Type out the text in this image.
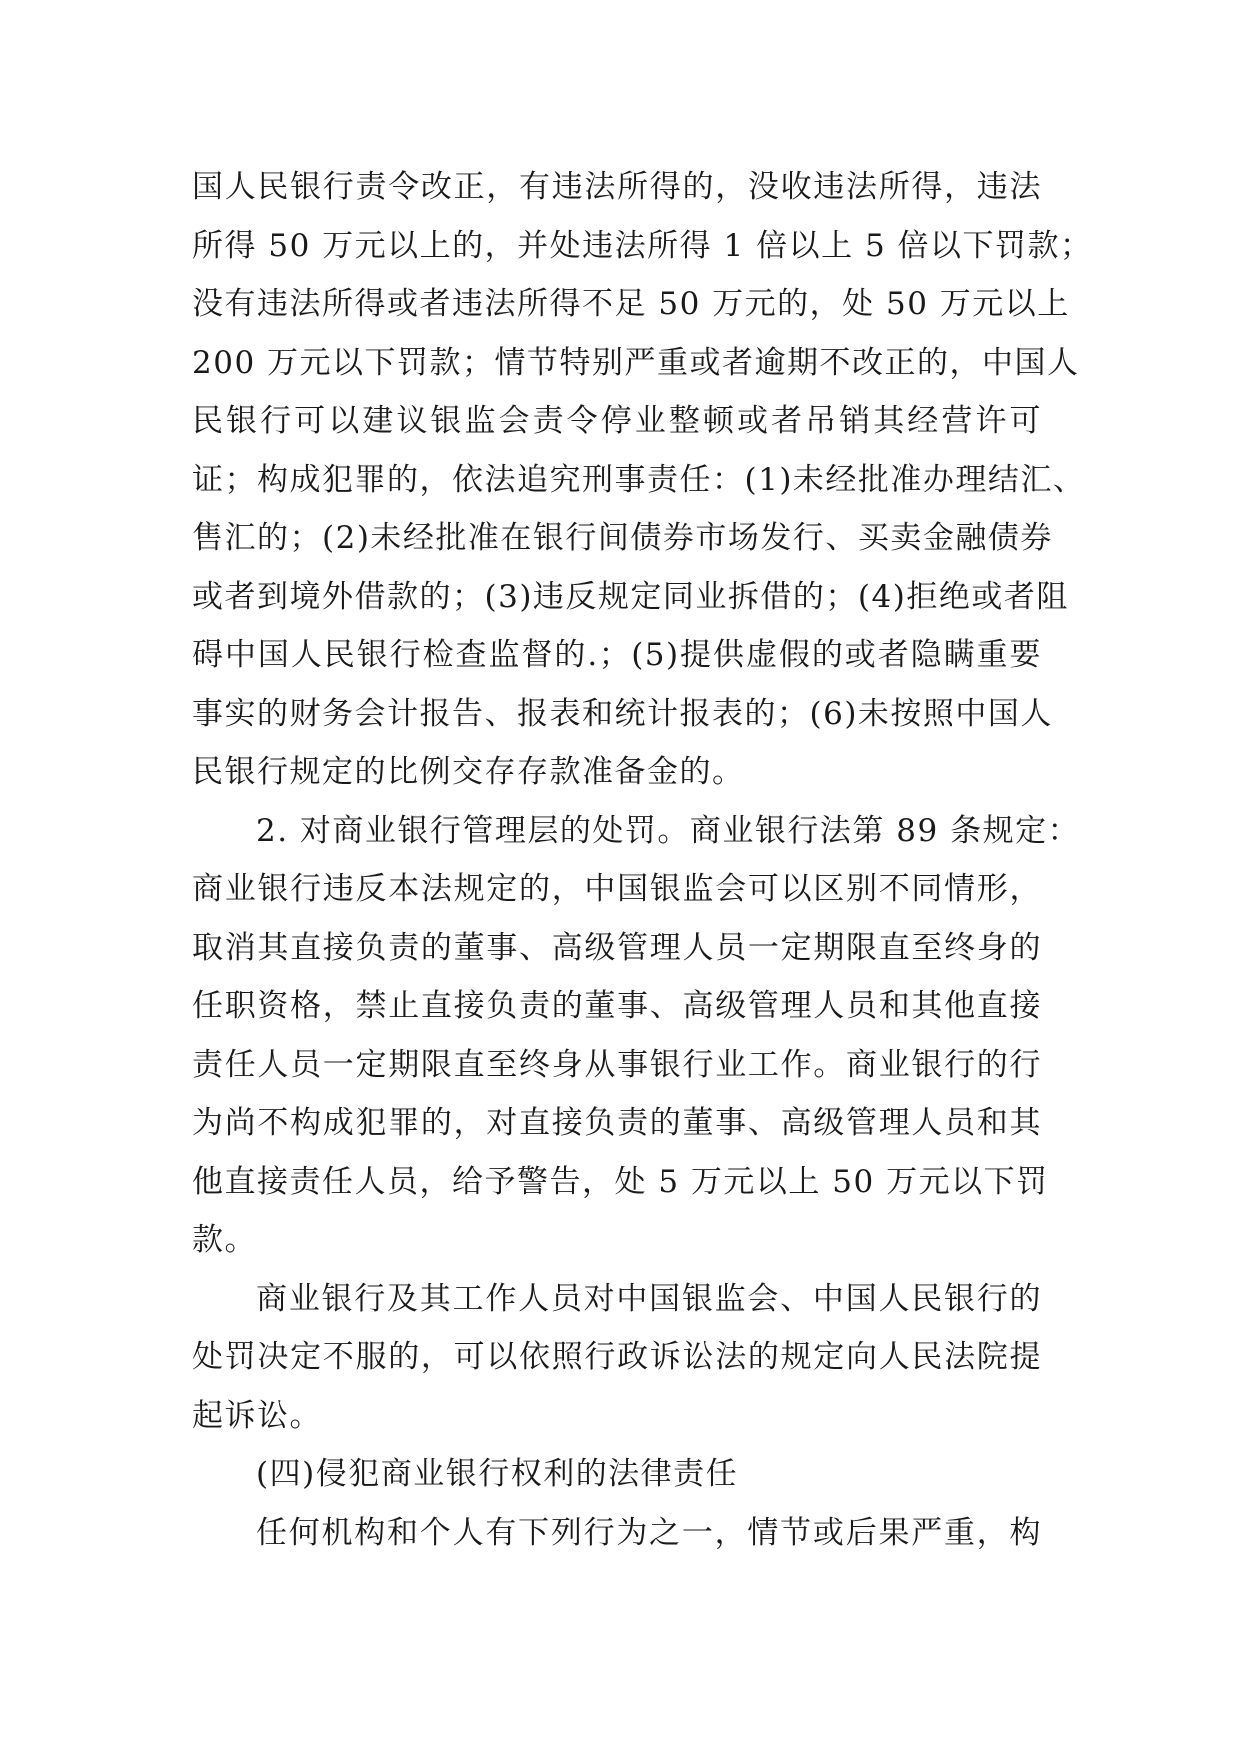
国人民银行责令改正，有违法所得的，没收违法所得，违法
所得 50 万元以上的，并处违法所得 1 倍以上 5 倍以下罚款；
没有违法所得或者违法所得不足 50 万元的，处 50 万元以上
200 万元以下罚款；情节特别严重或者逾期不改正的，中国人
民银行可以建议银监会责令停业整顿或者吊销其经营许可
证；构成犯罪的，依法追究刑事责任：(1)未经批准办理结汇、
售汇的；(2)未经批准在银行间债券市场发行、买卖金融债券
或者到境外借款的；(3)违反规定同业拆借的；(4)拒绝或者阻
碍中国人民银行检查监督的.；(5)提供虚假的或者隐瞒重要
事实的财务会计报告、报表和统计报表的；(6)未按照中国人
民银行规定的比例交存存款准备金的。

2. 对商业银行管理层的处罚。商业银行法第 89 条规定：
商业银行违反本法规定的，中国银监会可以区别不同情形，
取消其直接负责的董事、高级管理人员一定期限直至终身的
任职资格，禁止直接负责的董事、高级管理人员和其他直接
责任人员一定期限直至终身从事银行业工作。商业银行的行
为尚不构成犯罪的，对直接负责的董事、高级管理人员和其
他直接责任人员，给予警告，处 5 万元以上 50 万元以下罚
款。

商业银行及其工作人员对中国银监会、中国人民银行的
处罚决定不服的，可以依照行政诉讼法的规定向人民法院提
起诉讼。

(四)侵犯商业银行权利的法律责任

任何机构和个人有下列行为之一，情节或后果严重，构
